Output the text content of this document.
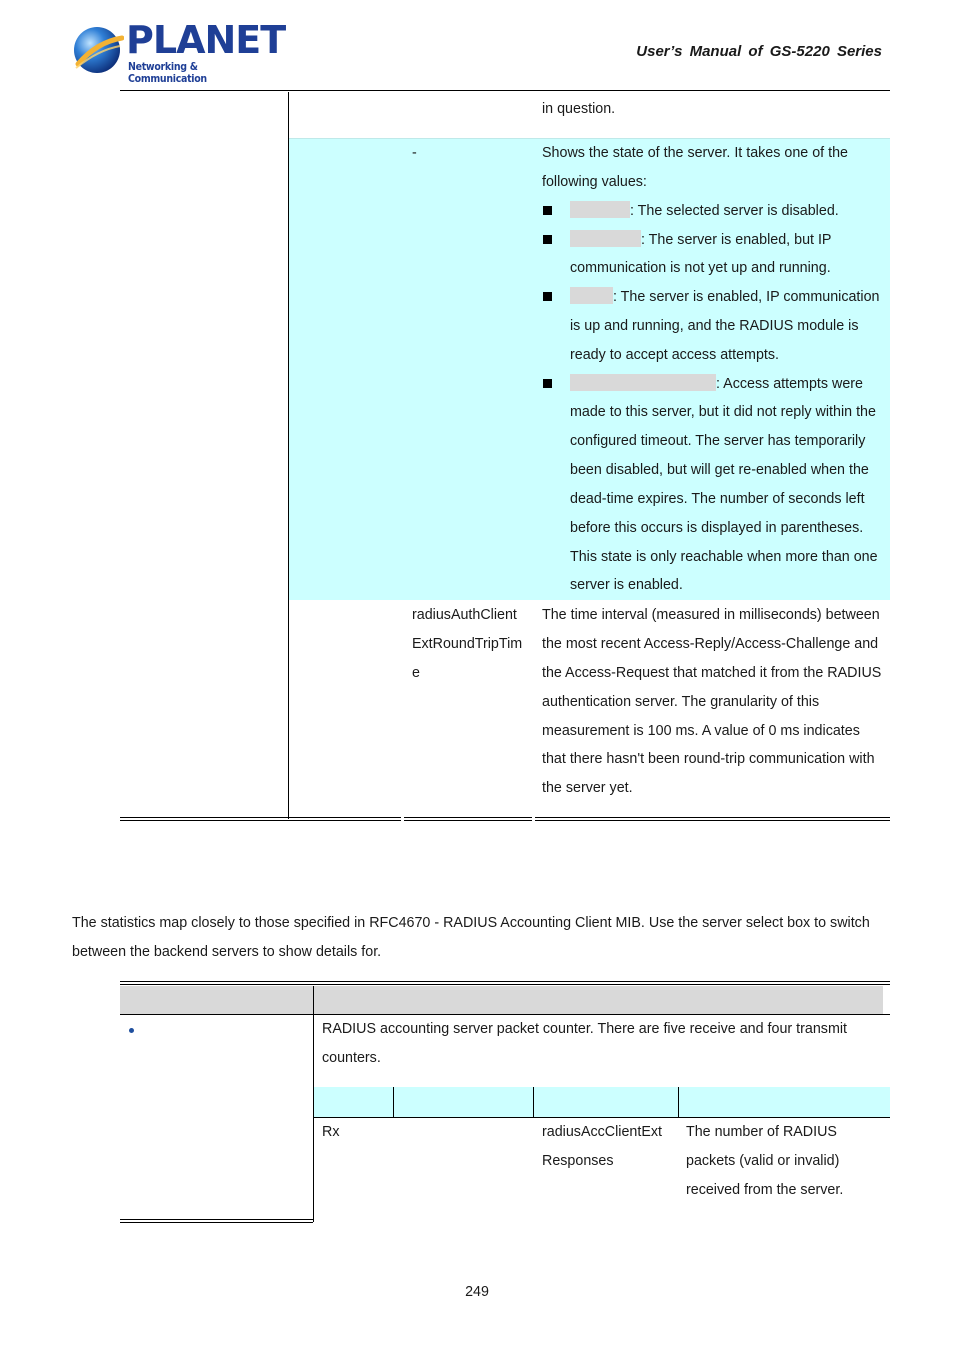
PLANET
Networking & Communication
User’s Manual of GS-5220 Series
in question.
-	Shows the state of the server. It takes one of the
following values:
: The selected server is disabled.
: The server is enabled, but IP
communication is not yet up and running.
: The server is enabled, IP communication
is up and running, and the RADIUS module is
ready to accept access attempts.
: Access attempts were
made to this server, but it did not reply within the
configured timeout. The server has temporarily
been disabled, but will get re-enabled when the
dead-time expires. The number of seconds left
before this occurs is displayed in parentheses.
This state is only reachable when more than one
server is enabled.
radiusAuthClient
ExtRoundTripTim
e
The time interval (measured in milliseconds) between
the most recent Access-Reply/Access-Challenge and
the Access-Request that matched it from the RADIUS
authentication server. The granularity of this
measurement is 100 ms. A value of 0 ms indicates
that there hasn't been round-trip communication with
the server yet.
The statistics map closely to those specified in RFC4670 - RADIUS Accounting Client MIB. Use the server select box to switch
between the backend servers to show details for.
RADIUS accounting server packet counter. There are five receive and four transmit
counters.
Rx	radiusAccClientExt
Responses
The number of RADIUS
packets (valid or invalid)
received from the server.
249
